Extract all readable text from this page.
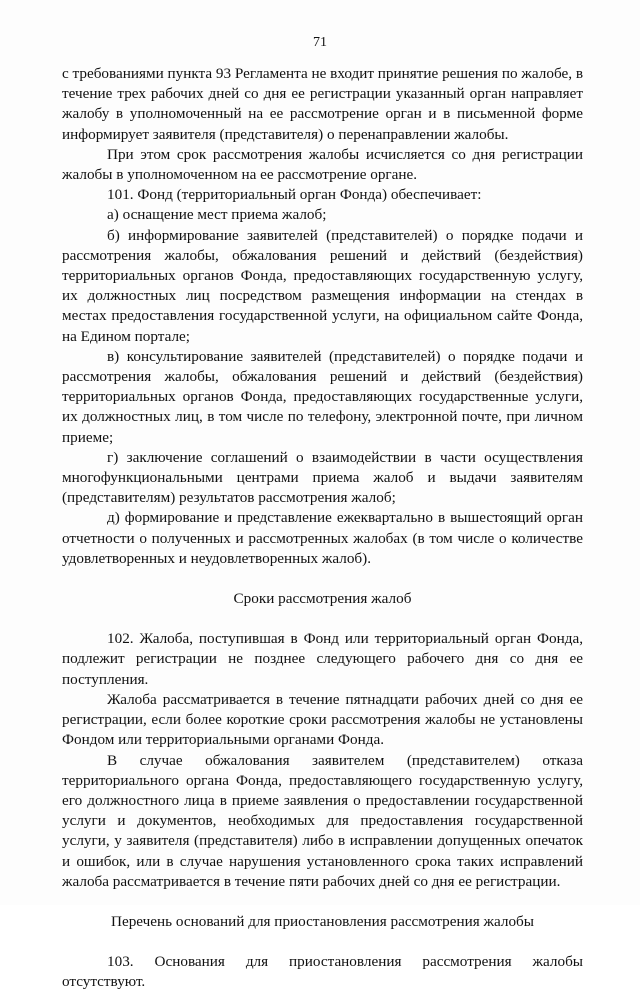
71

с требованиями пункта 93 Регламента не входит принятие решения по жалобе, в течение трех рабочих дней со дня ее регистрации указанный орган направляет жалобу в уполномоченный на ее рассмотрение орган и в письменной форме информирует заявителя (представителя) о перенаправлении жалобы.

При этом срок рассмотрения жалобы исчисляется со дня регистрации жалобы в уполномоченном на ее рассмотрение органе.

101. Фонд (территориальный орган Фонда) обеспечивает:

а) оснащение мест приема жалоб;

б) информирование заявителей (представителей) о порядке подачи и рассмотрения жалобы, обжалования решений и действий (бездействия) территориальных органов Фонда, предоставляющих государственную услугу, их должностных лиц посредством размещения информации на стендах в местах предоставления государственной услуги, на официальном сайте Фонда, на Едином портале;

в) консультирование заявителей (представителей) о порядке подачи и рассмотрения жалобы, обжалования решений и действий (бездействия) территориальных органов Фонда, предоставляющих государственные услуги, их должностных лиц, в том числе по телефону, электронной почте, при личном приеме;

г) заключение соглашений о взаимодействии в части осуществления многофункциональными центрами приема жалоб и выдачи заявителям (представителям) результатов рассмотрения жалоб;

д) формирование и представление ежеквартально в вышестоящий орган отчетности о полученных и рассмотренных жалобах (в том числе о количестве удовлетворенных и неудовлетворенных жалоб).

Сроки рассмотрения жалоб

102. Жалоба, поступившая в Фонд или территориальный орган Фонда, подлежит регистрации не позднее следующего рабочего дня со дня ее поступления.

Жалоба рассматривается в течение пятнадцати рабочих дней со дня ее регистрации, если более короткие сроки рассмотрения жалобы не установлены Фондом или территориальными органами Фонда.

В случае обжалования заявителем (представителем) отказа территориального органа Фонда, предоставляющего государственную услугу, его должностного лица в приеме заявления о предоставлении государственной услуги и документов, необходимых для предоставления государственной услуги, у заявителя (представителя) либо в исправлении допущенных опечаток и ошибок, или в случае нарушения установленного срока таких исправлений жалоба рассматривается в течение пяти рабочих дней со дня ее регистрации.

Перечень оснований для приостановления рассмотрения жалобы

103. Основания для приостановления рассмотрения жалобы отсутствуют.
